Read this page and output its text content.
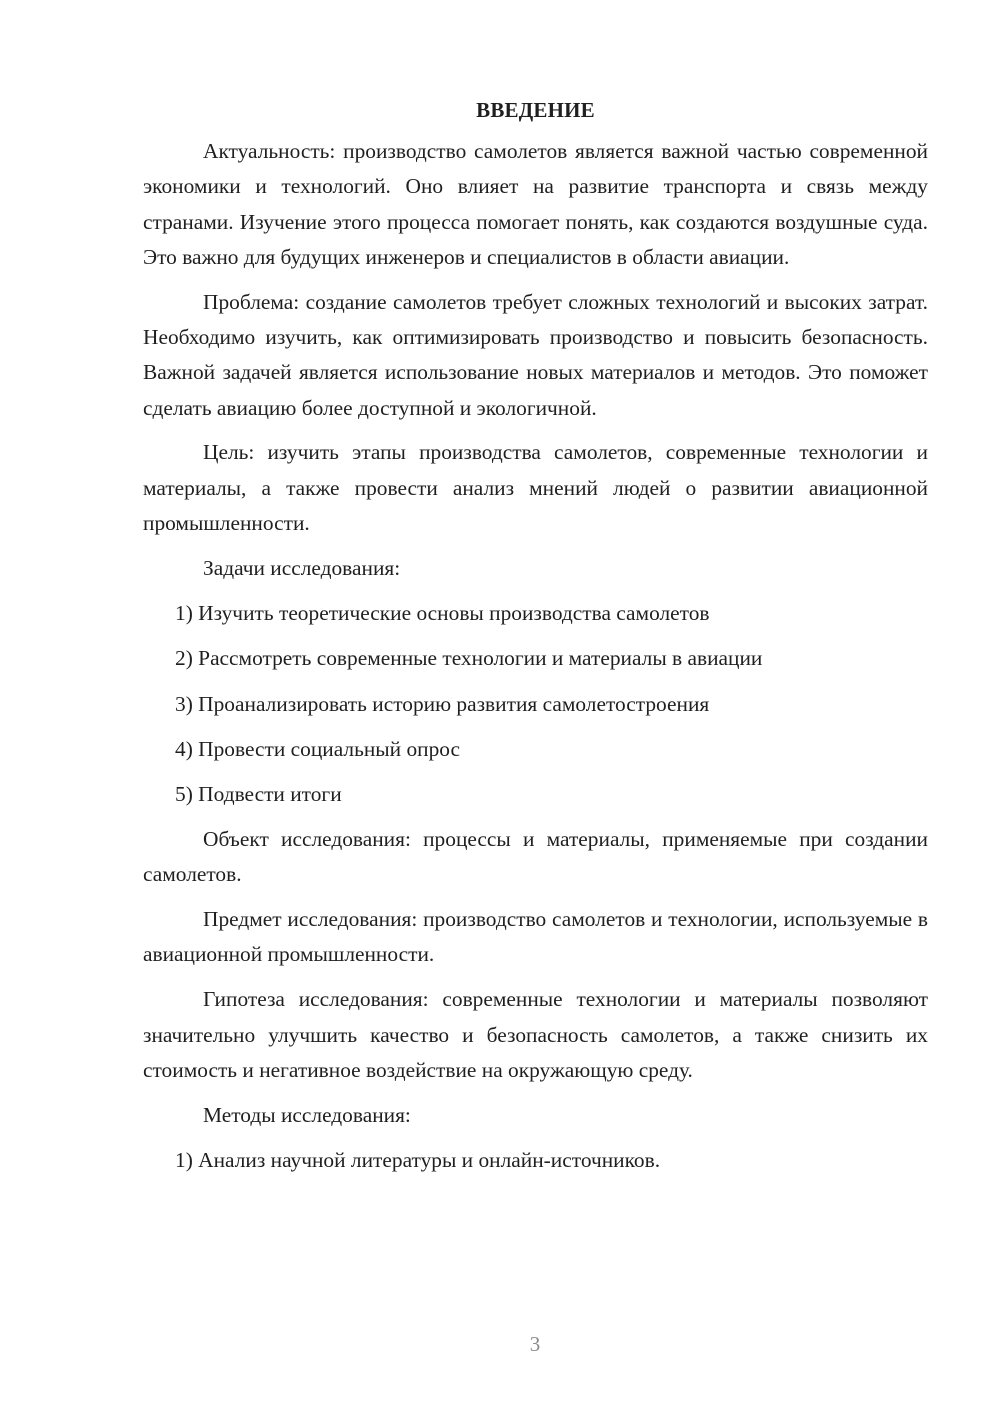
ВВЕДЕНИЕ

Актуальность: производство самолетов является важной частью современной экономики и технологий. Оно влияет на развитие транспорта и связь между странами. Изучение этого процесса помогает понять, как создаются воздушные суда. Это важно для будущих инженеров и специалистов в области авиации.

Проблема: создание самолетов требует сложных технологий и высоких затрат. Необходимо изучить, как оптимизировать производство и повысить безопасность. Важной задачей является использование новых материалов и методов. Это поможет сделать авиацию более доступной и экологичной.

Цель: изучить этапы производства самолетов, современные технологии и материалы, а также провести анализ мнений людей о развитии авиационной промышленности.

Задачи исследования:

1) Изучить теоретические основы производства самолетов

2) Рассмотреть современные технологии и материалы в авиации

3) Проанализировать историю развития самолетостроения

4) Провести социальный опрос

5) Подвести итоги

Объект исследования: процессы и материалы, применяемые при создании самолетов.

Предмет исследования: производство самолетов и технологии, используемые в авиационной промышленности.

Гипотеза исследования: современные технологии и материалы позволяют значительно улучшить качество и безопасность самолетов, а также снизить их стоимость и негативное воздействие на окружающую среду.

Методы исследования:

1) Анализ научной литературы и онлайн-источников.

3
